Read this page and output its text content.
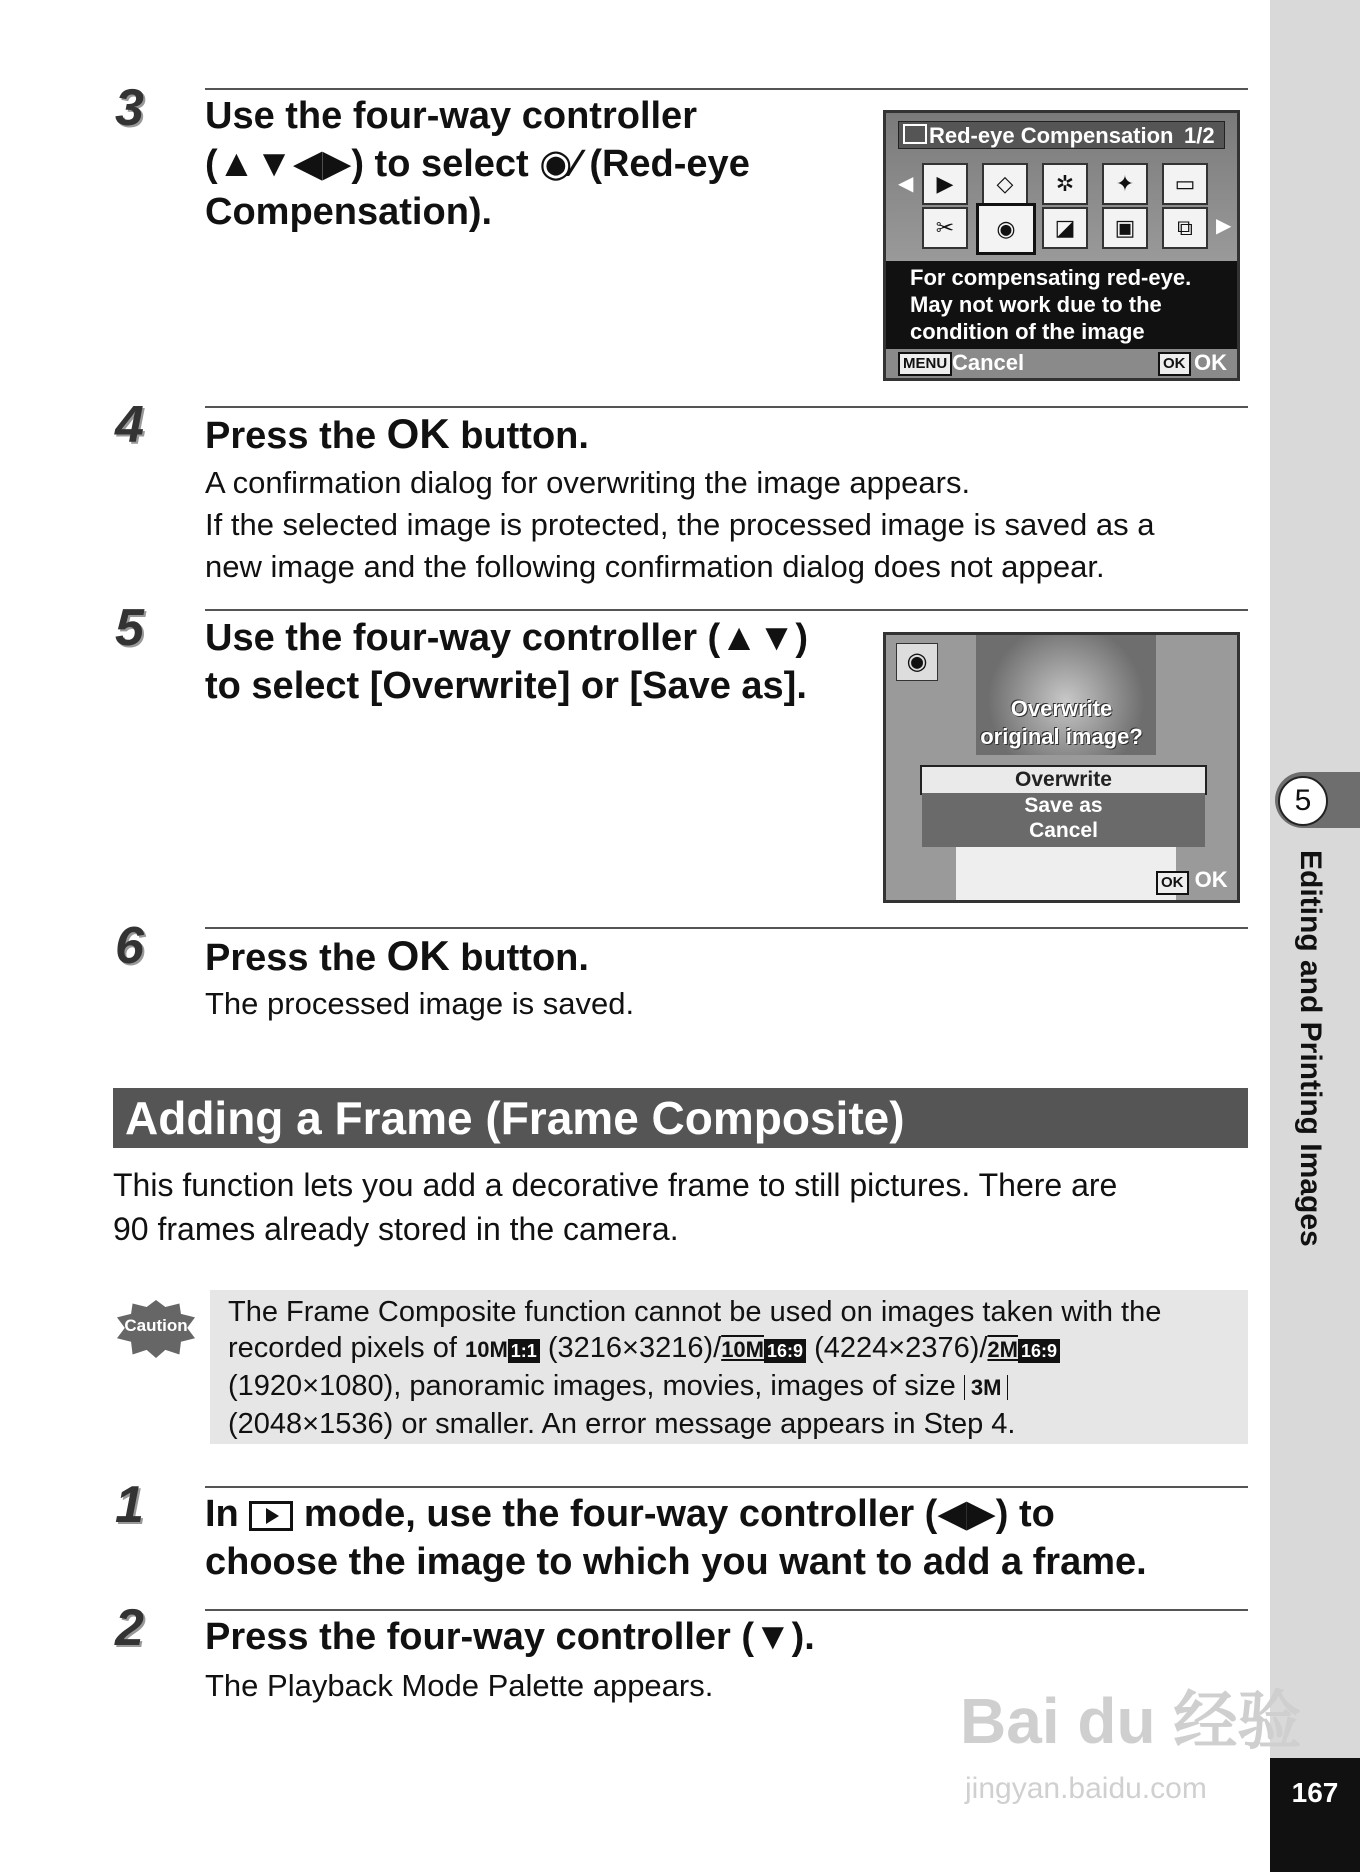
5
Editing and Printing Images
167
3 Use the four-way controller
(▲▼◀▶) to select ◉⁄ (Red-eye
Compensation).
Red-eye Compensation 1/2
◀
▶
▶	◇	✲	✦	▭
✂	◉	◪	▣	⧉
For compensating red-eye.
May not work due to the
condition of the image
MENU Cancel	OK OK
4 Press the OK button.
A confirmation dialog for overwriting the image appears.
If the selected image is protected, the processed image is saved as a
new image and the following confirmation dialog does not appear.
5 Use the four-way controller (▲▼)
to select [Overwrite] or [Save as].
◉
Overwrite
original image?
Overwrite
Save as
Cancel
OK OK
6 Press the OK button.
The processed image is saved.
Adding a Frame (Frame Composite)
This function lets you add a decorative frame to still pictures. There are
90 frames already stored in the camera.
Caution The Frame Composite function cannot be used on images taken with the
recorded pixels of 10M 1:1 (3216×3216)/10M 16:9 (4224×2376)/2M 16:9
(1920×1080), panoramic images, movies, images of size 3M
(2048×1536) or smaller. An error message appears in Step 4.
1 In mode, use the four-way controller (◀▶) to
choose the image to which you want to add a frame.
2 Press the four-way controller (▼).
The Playback Mode Palette appears.	Bai du 经验
jingyan.baidu.com
